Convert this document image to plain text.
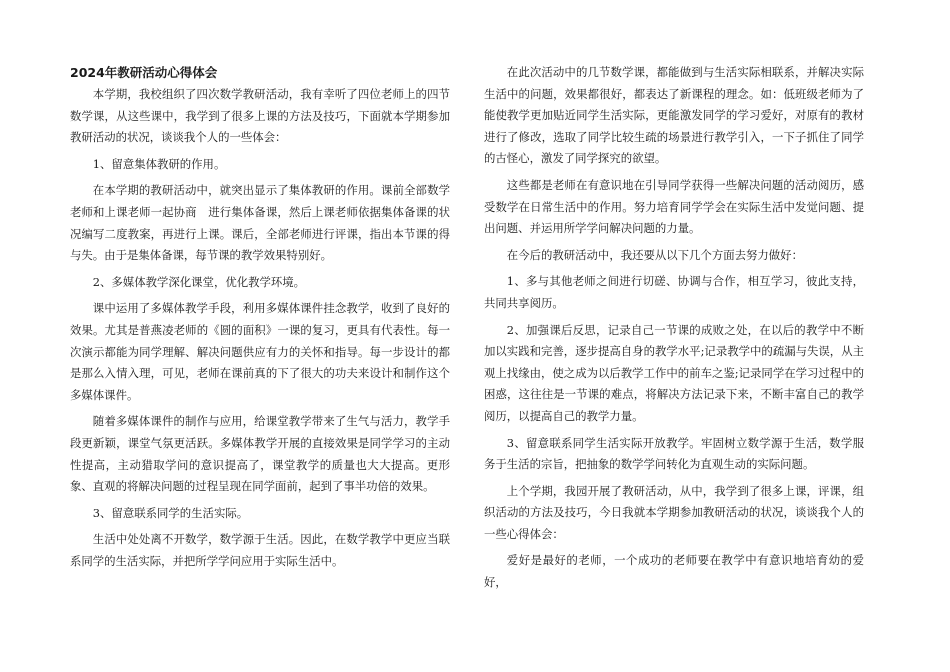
2024年教研活动心得体会

本学期，我校组织了四次数学教研活动，我有幸听了四位老师上的四节数学课，从这些课中，我学到了很多上课的方法及技巧，下面就本学期参加教研活动的状况，谈谈我个人的一些体会：

1、留意集体教研的作用。

在本学期的教研活动中，就突出显示了集体教研的作用。课前全部数学老师和上课老师一起协商　进行集体备课，然后上课老师依据集体备课的状况编写二度教案，再进行上课。课后，全部老师进行评课，指出本节课的得与失。由于是集体备课，每节课的教学效果特别好。

2、多媒体教学深化课堂，优化教学环境。

课中运用了多媒体教学手段，利用多媒体课件挂念教学，收到了良好的效果。尤其是普燕凌老师的《圆的面积》一课的复习，更具有代表性。每一次演示都能为同学理解、解决问题供应有力的关怀和指导。每一步设计的都是那么入情入理，可见，老师在课前真的下了很大的功夫来设计和制作这个多媒体课件。

随着多媒体课件的制作与应用，给课堂教学带来了生气与活力，教学手段更新颖，课堂气氛更活跃。多媒体教学开展的直接效果是同学学习的主动性提高，主动猎取学问的意识提高了，课堂教学的质量也大大提高。更形象、直观的将解决问题的过程呈现在同学面前，起到了事半功倍的效果。

3、留意联系同学的生活实际。

生活中处处离不开数学，数学源于生活。因此，在数学教学中更应当联系同学的生活实际，并把所学学问应用于实际生活中。

在此次活动中的几节数学课，都能做到与生活实际相联系，并解决实际生活中的问题，效果都很好，都表达了新课程的理念。如：低班级老师为了能使教学更加贴近同学生活实际，更能激发同学的学习爱好，对原有的教材进行了修改，选取了同学比较生疏的场景进行教学引入，一下子抓住了同学的古怪心，激发了同学探究的欲望。

这些都是老师在有意识地在引导同学获得一些解决问题的活动阅历，感受数学在日常生活中的作用。努力培育同学学会在实际生活中发觉问题、提出问题、并运用所学学问解决问题的力量。

在今后的教研活动中，我还要从以下几个方面去努力做好：

1、多与其他老师之间进行切磋、协调与合作，相互学习，彼此支持，共同共享阅历。

2、加强课后反思，记录自己一节课的成败之处，在以后的教学中不断加以实践和完善，逐步提高自身的教学水平;记录教学中的疏漏与失误，从主观上找缘由，使之成为以后教学工作中的前车之鉴;记录同学在学习过程中的困惑，这往往是一节课的难点，将解决方法记录下来，不断丰富自己的教学阅历，以提高自己的教学力量。

3、留意联系同学生活实际开放教学。牢固树立数学源于生活，数学服务于生活的宗旨，把抽象的数学学问转化为直观生动的实际问题。

上个学期，我园开展了教研活动，从中，我学到了很多上课，评课，组织活动的方法及技巧，今日我就本学期参加教研活动的状况，谈谈我个人的一些心得体会：

爱好是最好的老师，一个成功的老师要在教学中有意识地培育幼的爱好，
